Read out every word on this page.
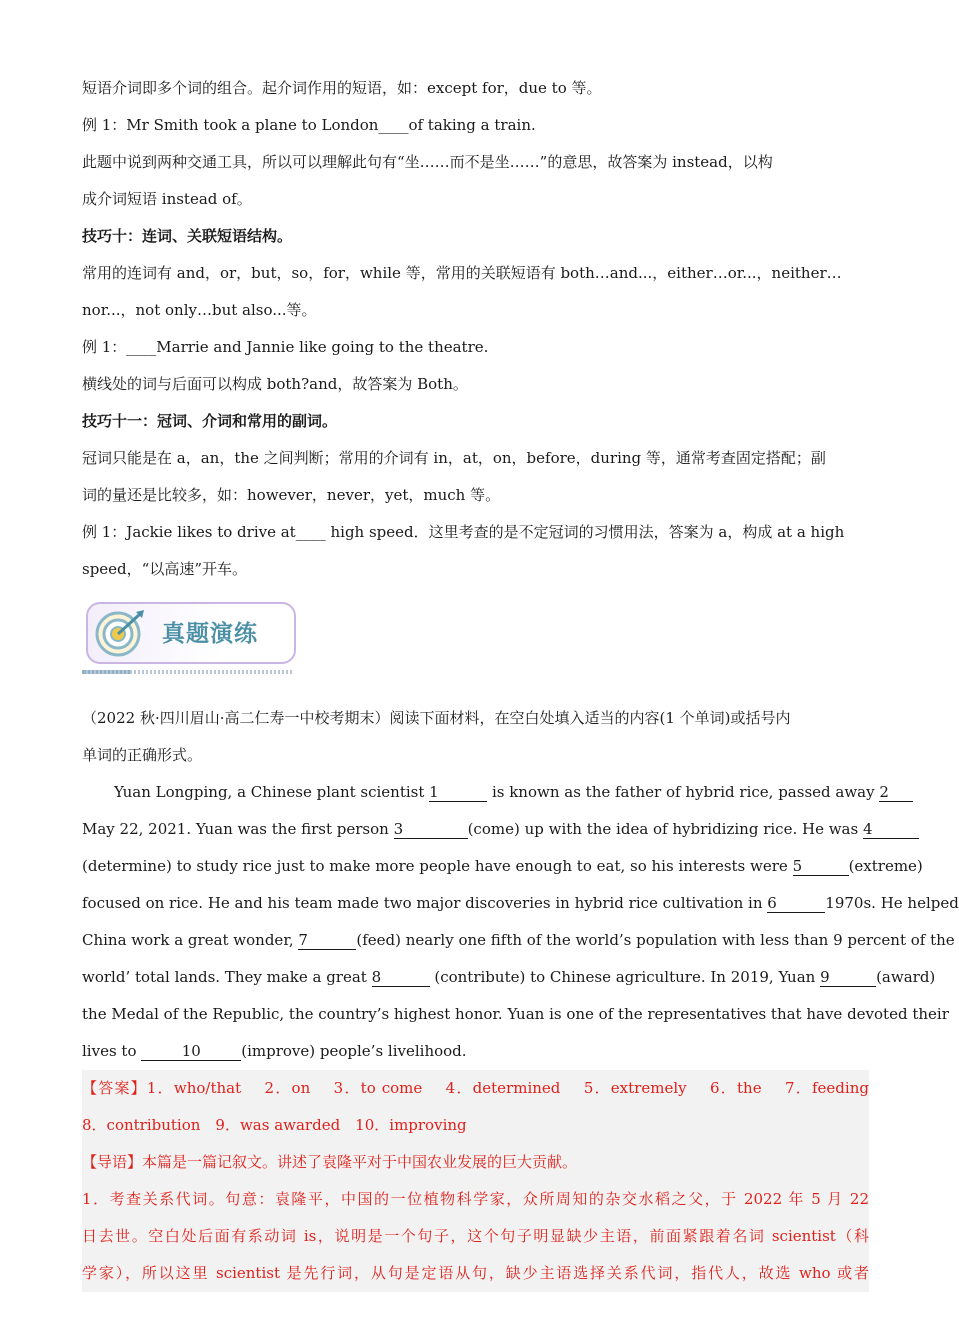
短语介词即多个词的组合。起介词作用的短语，如：except for，due to 等。
例 1：Mr Smith took a plane to London____of taking a train.
此题中说到两种交通工具，所以可以理解此句有“坐……而不是坐……”的意思，故答案为 instead，以构
成介词短语 instead of。
技巧十：连词、关联短语结构。
常用的连词有 and，or，but，so，for，while 等，常用的关联短语有 both…and...，either…or...，neither…
nor...，not only…but also...等。
例 1：____Marrie and Jannie like going to the theatre.
横线处的词与后面可以构成 both?and，故答案为 Both。
技巧十一：冠词、介词和常用的副词。
冠词只能是在 a，an，the 之间判断；常用的介词有 in，at，on，before，during 等，通常考查固定搭配；副
词的量还是比较多，如：however，never，yet，much 等。
例 1：Jackie likes to drive at____ high speed．这里考查的是不定冠词的习惯用法，答案为 a，构成 at a high
speed，“以高速”开车。
真题演练
（2022 秋·四川眉山·高二仁寿一中校考期末）阅读下面材料，在空白处填入适当的内容(1 个单词)或括号内
单词的正确形式。
Yuan Longping, a Chinese plant scientist 1	is known as the father of hybrid rice, passed away 2
May 22, 2021. Yuan was the first person 3	(come) up with the idea of hybridizing rice. He was 4
(determine) to study rice just to make more people have enough to eat, so his interests were 5	(extreme)
focused on rice. He and his team made two major discoveries in hybrid rice cultivation in 6	1970s. He helped
China work a great wonder, 7	(feed) nearly one fifth of the world’s population with less than 9 percent of the
world’ total lands. They make a great 8	(contribute) to Chinese agriculture. In 2019, Yuan 9	(award)
the Medal of the Republic, the country’s highest honor. Yuan is one of the representatives that have devoted their
lives to	10	(improve) people’s livelihood.
【答案】1．who/that　 2．on　 3．to come　 4．determined　 5．extremely　 6．the　 7．feeding
8．contribution　9．was awarded　10．improving
【导语】本篇是一篇记叙文。讲述了袁隆平对于中国农业发展的巨大贡献。
1．考查关系代词。句意：袁隆平，中国的一位植物科学家，众所周知的杂交水稻之父，于 2022 年 5 月 22
日去世。空白处后面有系动词 is，说明是一个句子，这个句子明显缺少主语，前面紧跟着名词 scientist（科
学家），所以这里 scientist 是先行词，从句是定语从句，缺少主语选择关系代词，指代人，故选 who 或者
